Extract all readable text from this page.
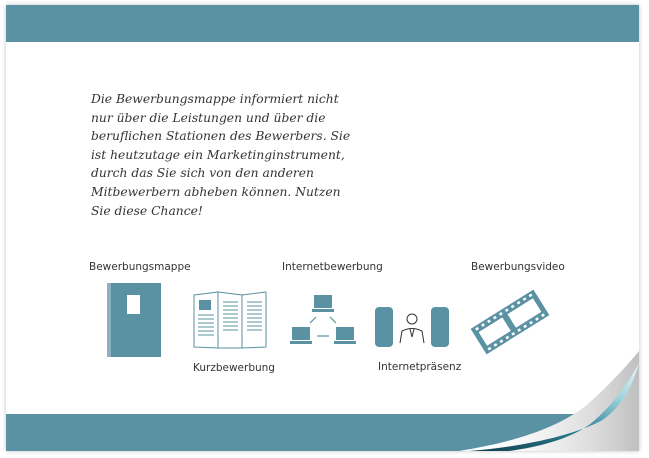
Die Bewerbungsmappe informiert nicht nur über die Leistungen und über die beruflichen Stationen des Bewerbers. Sie ist heutzutage ein Marketinginstrument, durch das Sie sich von den anderen Mitbewerbern abheben können. Nutzen Sie diese Chance!

Bewerbungsmappe
Kurzbewerbung
Internetbewerbung
Internetpräsenz
Bewerbungsvideo
